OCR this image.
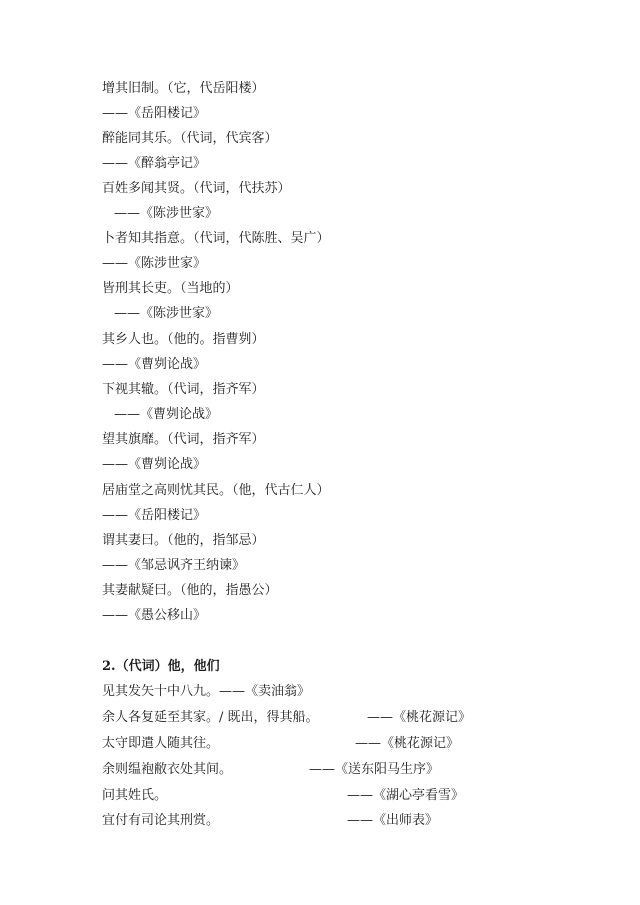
增其旧制。（它，代岳阳楼）
——《岳阳楼记》
醉能同其乐。（代词，代宾客）
——《醉翁亭记》
百姓多闻其贤。（代词，代扶苏）
——《陈涉世家》
卜者知其指意。（代词，代陈胜、吴广）
——《陈涉世家》
皆刑其长吏。（当地的）
——《陈涉世家》
其乡人也。（他的。指曹刿）
——《曹刿论战》
下视其辙。（代词，指齐军）
——《曹刿论战》
望其旗靡。（代词，指齐军）
——《曹刿论战》
居庙堂之高则忧其民。（他，代古仁人）
——《岳阳楼记》
谓其妻曰。（他的，指邹忌）
——《邹忌讽齐王纳谏》
其妻献疑曰。（他的，指愚公）
——《愚公移山》
2.（代词）他，他们
见其发矢十中八九。——《卖油翁》
余人各复延至其家。/ 既出，得其船。	——《桃花源记》
太守即遣人随其往。	——《桃花源记》
余则缊袍敝衣处其间。	——《送东阳马生序》
问其姓氏。	——《湖心亭看雪》
宜付有司论其刑赏。	——《出师表》
